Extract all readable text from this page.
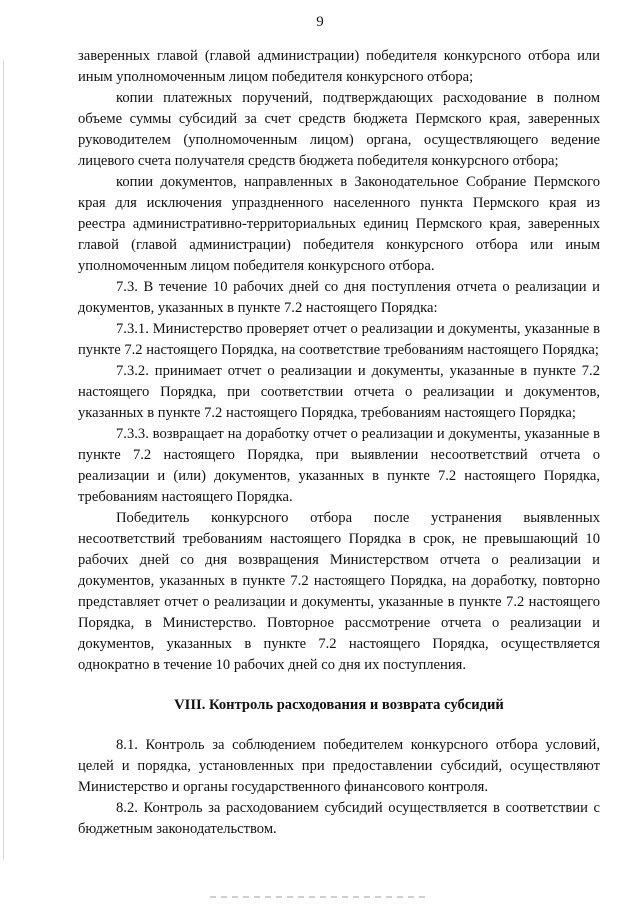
9

заверенных главой (главой администрации) победителя конкурсного отбора или иным уполномоченным лицом победителя конкурсного отбора;

копии платежных поручений, подтверждающих расходование в полном объеме суммы субсидий за счет средств бюджета Пермского края, заверенных руководителем (уполномоченным лицом) органа, осуществляющего ведение лицевого счета получателя средств бюджета победителя конкурсного отбора;

копии документов, направленных в Законодательное Собрание Пермского края для исключения упраздненного населенного пункта Пермского края из реестра административно-территориальных единиц Пермского края, заверенных главой (главой администрации) победителя конкурсного отбора или иным уполномоченным лицом победителя конкурсного отбора.

7.3. В течение 10 рабочих дней со дня поступления отчета о реализации и документов, указанных в пункте 7.2 настоящего Порядка:

7.3.1. Министерство проверяет отчет о реализации и документы, указанные в пункте 7.2 настоящего Порядка, на соответствие требованиям настоящего Порядка;

7.3.2. принимает отчет о реализации и документы, указанные в пункте 7.2 настоящего Порядка, при соответствии отчета о реализации и документов, указанных в пункте 7.2 настоящего Порядка, требованиям настоящего Порядка;

7.3.3. возвращает на доработку отчет о реализации и документы, указанные в пункте 7.2 настоящего Порядка, при выявлении несоответствий отчета о реализации и (или) документов, указанных в пункте 7.2 настоящего Порядка, требованиям настоящего Порядка.

Победитель конкурсного отбора после устранения выявленных несоответствий требованиям настоящего Порядка в срок, не превышающий 10 рабочих дней со дня возвращения Министерством отчета о реализации и документов, указанных в пункте 7.2 настоящего Порядка, на доработку, повторно представляет отчет о реализации и документы, указанные в пункте 7.2 настоящего Порядка, в Министерство. Повторное рассмотрение отчета о реализации и документов, указанных в пункте 7.2 настоящего Порядка, осуществляется однократно в течение 10 рабочих дней со дня их поступления.

VIII. Контроль расходования и возврата субсидий

8.1. Контроль за соблюдением победителем конкурсного отбора условий, целей и порядка, установленных при предоставлении субсидий, осуществляют Министерство и органы государственного финансового контроля.

8.2. Контроль за расходованием субсидий осуществляется в соответствии с бюджетным законодательством.
